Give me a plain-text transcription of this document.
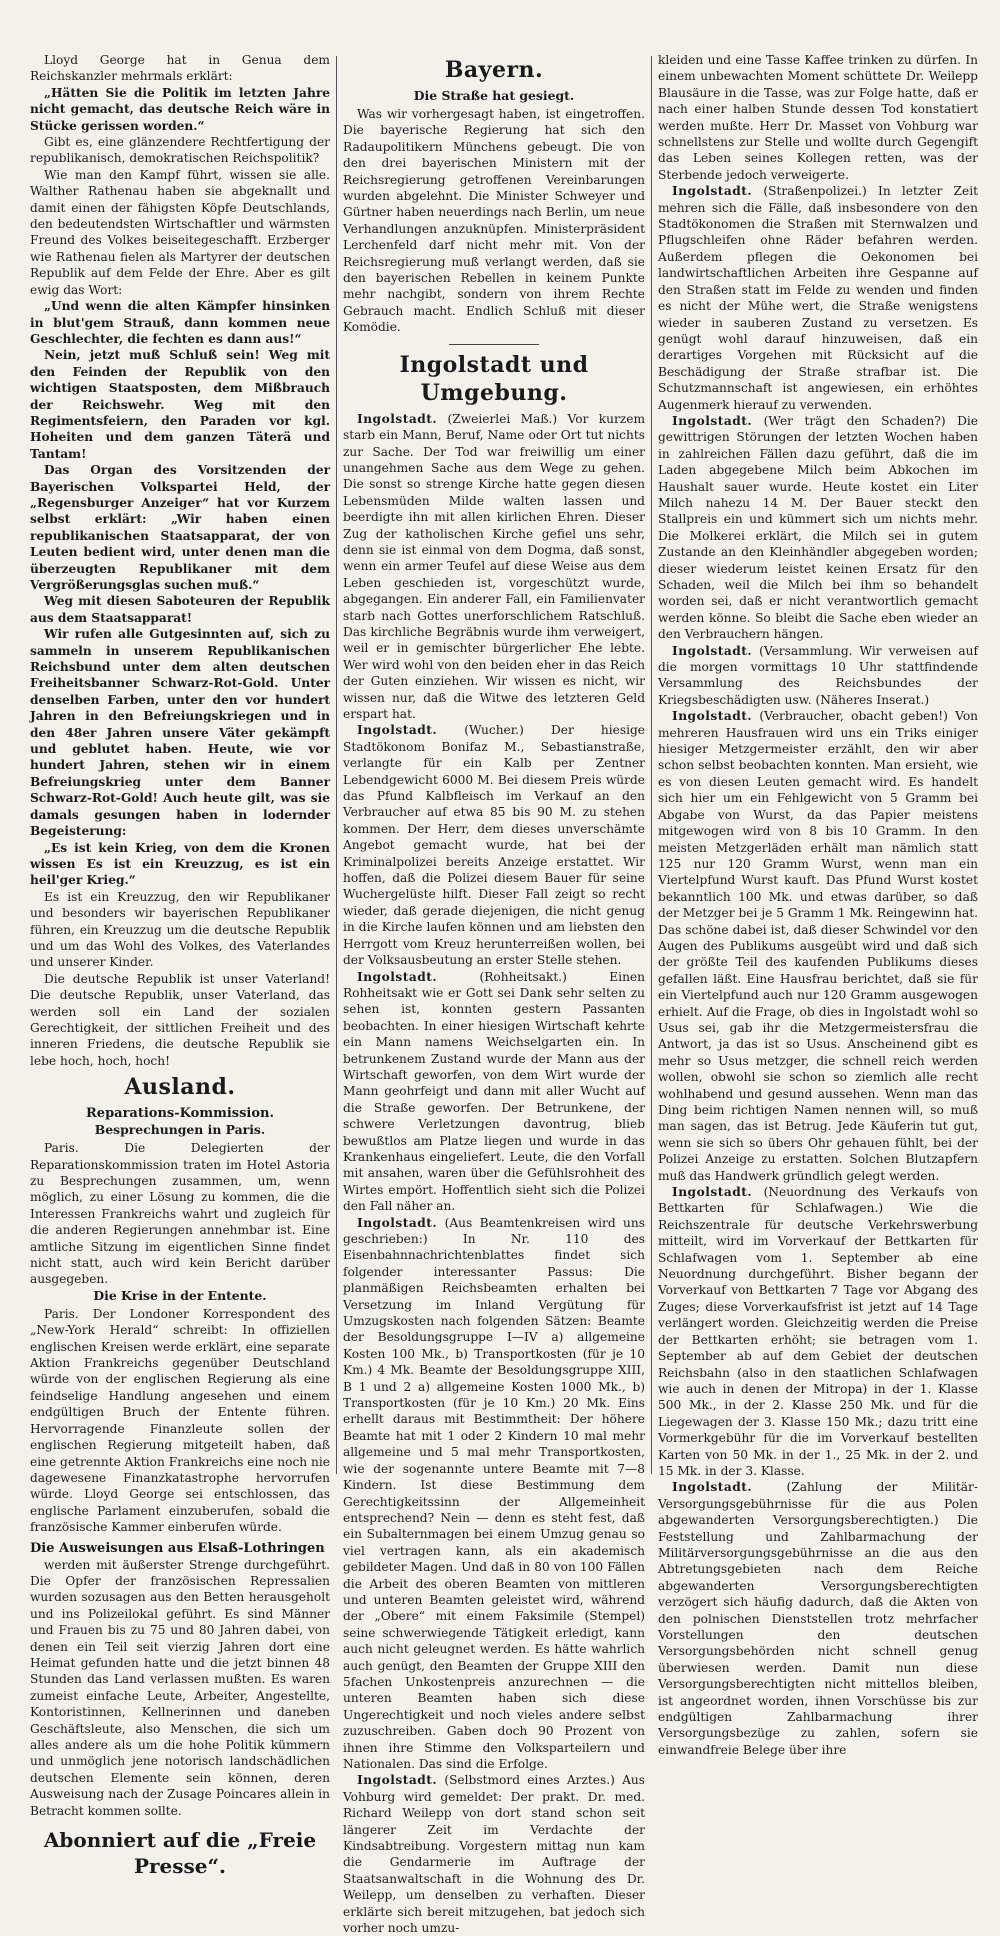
Lloyd George hat in Genua dem Reichskanzler mehrmals erklärt:

„Hätten Sie die Politik im letzten Jahre nicht gemacht, das deutsche Reich wäre in Stücke gerissen worden.“

Gibt es, eine glänzendere Rechtfertigung der republikanisch, demokratischen Reichspolitik?

Wie man den Kampf führt, wissen sie alle. Walther Rathenau haben sie abgeknallt und damit einen der fähigsten Köpfe Deutschlands, den bedeutendsten Wirtschaftler und wärmsten Freund des Volkes beiseitegeschafft. Erzberger wie Rathenau fielen als Martyrer der deutschen Republik auf dem Felde der Ehre. Aber es gilt ewig das Wort:

„Und wenn die alten Kämpfer hinsinken in blut'gem Strauß, dann kommen neue Geschlechter, die fechten es dann aus!“

Nein, jetzt muß Schluß sein! Weg mit den Feinden der Republik von den wichtigen Staatsposten, dem Mißbrauch der Reichswehr. Weg mit den Regimentsfeiern, den Paraden vor kgl. Hoheiten und dem ganzen Täterä und Tantam!

Das Organ des Vorsitzenden der Bayerischen Volkspartei Held, der „Regensburger Anzeiger“ hat vor Kurzem selbst erklärt: „Wir haben einen republikanischen Staatsapparat, der von Leuten bedient wird, unter denen man die überzeugten Republikaner mit dem Vergrößerungsglas suchen muß.“

Weg mit diesen Saboteuren der Republik aus dem Staatsapparat!

Wir rufen alle Gutgesinnten auf, sich zu sammeln in unserem Republikanischen Reichsbund unter dem alten deutschen Freiheitsbanner Schwarz-Rot-Gold. Unter denselben Farben, unter den vor hundert Jahren in den Befreiungskriegen und in den 48er Jahren unsere Väter gekämpft und geblutet haben. Heute, wie vor hundert Jahren, stehen wir in einem Befreiungskrieg unter dem Banner Schwarz-Rot-Gold! Auch heute gilt, was sie damals gesungen haben in lodernder Begeisterung:

„Es ist kein Krieg, von dem die Kronen wissen Es ist ein Kreuzzug, es ist ein heil'ger Krieg.“

Es ist ein Kreuzzug, den wir Republikaner und besonders wir bayerischen Republikaner führen, ein Kreuzzug um die deutsche Republik und um das Wohl des Volkes, des Vaterlandes und unserer Kinder.

Die deutsche Republik ist unser Vaterland! Die deutsche Republik, unser Vaterland, das werden soll ein Land der sozialen Gerechtigkeit, der sittlichen Freiheit und des inneren Friedens, die deutsche Republik sie lebe hoch, hoch, hoch!

Ausland.
Reparations-Kommission.
Besprechungen in Paris.

Paris. Die Delegierten der Reparationskommission traten im Hotel Astoria zu Besprechungen zusammen, um, wenn möglich, zu einer Lösung zu kommen, die die Interessen Frankreichs wahrt und zugleich für die anderen Regierungen annehmbar ist. Eine amtliche Sitzung im eigentlichen Sinne findet nicht statt, auch wird kein Bericht darüber ausgegeben.

Die Krise in der Entente.

Paris. Der Londoner Korrespondent des „New-York Herald“ schreibt: In offiziellen englischen Kreisen werde erklärt, eine separate Aktion Frankreichs gegenüber Deutschland würde von der englischen Regierung als eine feindselige Handlung angesehen und einem endgültigen Bruch der Entente führen. Hervorragende Finanzleute sollen der englischen Regierung mitgeteilt haben, daß eine getrennte Aktion Frankreichs eine noch nie dagewesene Finanzkatastrophe hervorrufen würde. Lloyd George sei entschlossen, das englische Parlament einzuberufen, sobald die französische Kammer einberufen würde.

Die Ausweisungen aus Elsaß-Lothringen

werden mit äußerster Strenge durchgeführt. Die Opfer der französischen Repressalien wurden sozusagen aus den Betten herausgeholt und ins Polizeilokal geführt. Es sind Männer und Frauen bis zu 75 und 80 Jahren dabei, von denen ein Teil seit vierzig Jahren dort eine Heimat gefunden hatte und die jetzt binnen 48 Stunden das Land verlassen mußten. Es waren zumeist einfache Leute, Arbeiter, Angestellte, Kontoristinnen, Kellnerinnen und daneben Geschäftsleute, also Menschen, die sich um alles andere als um die hohe Politik kümmern und unmöglich jene notorisch landschädlichen deutschen Elemente sein können, deren Ausweisung nach der Zusage Poincares allein in Betracht kommen sollte.

Abonniert auf die „Freie Presse“.
Bayern.
Die Straße hat gesiegt.

Was wir vorhergesagt haben, ist eingetroffen. Die bayerische Regierung hat sich den Radaupolitikern Münchens gebeugt. Die von den drei bayerischen Ministern mit der Reichsregierung getroffenen Vereinbarungen wurden abgelehnt. Die Minister Schweyer und Gürtner haben neuerdings nach Berlin, um neue Verhandlungen anzuknüpfen. Ministerpräsident Lerchenfeld darf nicht mehr mit. Von der Reichsregierung muß verlangt werden, daß sie den bayerischen Rebellen in keinem Punkte mehr nachgibt, sondern von ihrem Rechte Gebrauch macht. Endlich Schluß mit dieser Komödie.

Ingolstadt und Umgebung.

Ingolstadt. (Zweierlei Maß.) Vor kurzem starb ein Mann, Beruf, Name oder Ort tut nichts zur Sache. Der Tod war freiwillig um einer unangehmen Sache aus dem Wege zu gehen. Die sonst so strenge Kirche hatte gegen diesen Lebensmüden Milde walten lassen und beerdigte ihn mit allen kirlichen Ehren. Dieser Zug der katholischen Kirche gefiel uns sehr, denn sie ist einmal von dem Dogma, daß sonst, wenn ein armer Teufel auf diese Weise aus dem Leben geschieden ist, vorgeschützt wurde, abgegangen. Ein anderer Fall, ein Familienvater starb nach Gottes unerforschlichem Ratschluß. Das kirchliche Begräbnis wurde ihm verweigert, weil er in gemischter bürgerlicher Ehe lebte. Wer wird wohl von den beiden eher in das Reich der Guten einziehen. Wir wissen es nicht, wir wissen nur, daß die Witwe des letzteren Geld erspart hat.

Ingolstadt. (Wucher.) Der hiesige Stadtökonom Bonifaz M., Sebastianstraße, verlangte für ein Kalb per Zentner Lebendgewicht 6000 M. Bei diesem Preis würde das Pfund Kalbfleisch im Verkauf an den Verbraucher auf etwa 85 bis 90 M. zu stehen kommen. Der Herr, dem dieses unverschämte Angebot gemacht wurde, hat bei der Kriminalpolizei bereits Anzeige erstattet. Wir hoffen, daß die Polizei diesem Bauer für seine Wuchergelüste hilft. Dieser Fall zeigt so recht wieder, daß gerade diejenigen, die nicht genug in die Kirche laufen können und am liebsten den Herrgott vom Kreuz herunterreißen wollen, bei der Volksausbeutung an erster Stelle stehen.

Ingolstadt.	(Rohheitsakt.) Einen Rohheitsakt wie er Gott sei Dank sehr selten zu sehen ist, konnten gestern Passanten beobachten. In einer hiesigen Wirtschaft kehrte ein Mann namens Weichselgarten ein. In betrunkenem Zustand wurde der Mann aus der Wirtschaft geworfen, von dem Wirt wurde der Mann geohrfeigt und dann mit aller Wucht auf die Straße geworfen. Der Betrunkene, der schwere Verletzungen davontrug, blieb bewußtlos am Platze liegen und wurde in das Krankenhaus eingeliefert. Leute, die den Vorfall mit ansahen, waren über die Gefühlsrohheit des Wirtes empört. Hoffentlich sieht sich die Polizei den Fall näher an.

Ingolstadt. (Aus Beamtenkreisen wird uns geschrieben:) In Nr. 110 des Eisenbahnnachrichtenblattes findet sich folgender interessanter Passus: Die planmäßigen Reichsbeamten erhalten bei Versetzung im Inland Vergütung für Umzugskosten nach folgenden Sätzen: Beamte der Besoldungsgruppe I—IV a) allgemeine Kosten 100 Mk., b) Transportkosten (für je 10 Km.) 4 Mk. Beamte der Besoldungsgruppe XIII, B 1 und 2 a) allgemeine Kosten 1000 Mk., b) Transportkosten (für je 10 Km.) 20 Mk. Eins erhellt daraus mit Bestimmtheit: Der höhere Beamte hat mit 1 oder 2 Kindern 10 mal mehr allgemeine und 5 mal mehr Transportkosten, wie der sogenannte untere Beamte mit 7—8 Kindern. Ist diese Bestimmung dem Gerechtigkeitssinn der Allgemeinheit entsprechend? Nein — denn es steht fest, daß ein Subalternmagen bei einem Umzug genau so viel vertragen kann, als ein akademisch gebildeter Magen. Und daß in 80 von 100 Fällen die Arbeit des oberen Beamten von mittleren und unteren Beamten geleistet wird, während der „Obere“ mit einem Faksimile (Stempel) seine schwerwiegende Tätigkeit erledigt, kann auch nicht geleugnet werden. Es hätte wahrlich auch genügt, den Beamten der Gruppe XIII den 5fachen Unkostenpreis anzurechnen — die unteren Beamten haben sich diese Ungerechtigkeit und noch vieles andere selbst zuzuschreiben. Gaben doch 90 Prozent von ihnen ihre Stimme den Volksparteilern und Nationalen. Das sind die Erfolge.

Ingolstadt. (Selbstmord eines Arztes.) Aus Vohburg wird gemeldet: Der prakt. Dr. med. Richard Weilepp von dort stand schon seit längerer Zeit im Verdachte der Kindsabtreibung. Vorgestern mittag nun kam die Gendarmerie im Auftrage der Staatsanwaltschaft in die Wohnung des Dr. Weilepp, um denselben zu verhaften. Dieser erklärte sich bereit mitzugehen, bat jedoch sich vorher noch umzu-

kleiden und eine Tasse Kaffee trinken zu dürfen. In einem unbewachten Moment schüttete Dr. Weilepp Blausäure in die Tasse, was zur Folge hatte, daß er nach einer halben Stunde dessen Tod konstatiert werden mußte. Herr Dr. Masset von Vohburg war schnellstens zur Stelle und wollte durch Gegengift das Leben seines Kollegen retten, was der Sterbende jedoch verweigerte.

Ingolstadt. (Straßenpolizei.) In letzter Zeit mehren sich die Fälle, daß insbesondere von den Stadtökonomen die Straßen mit Sternwalzen und Pflugschleifen ohne Räder befahren werden. Außerdem pflegen die Oekonomen bei landwirtschaftlichen Arbeiten ihre Gespanne auf den Straßen statt im Felde zu wenden und finden es nicht der Mühe wert, die Straße wenigstens wieder in sauberen Zustand zu versetzen. Es genügt wohl darauf hinzuweisen, daß ein derartiges Vorgehen mit Rücksicht auf die Beschädigung der Straße strafbar ist. Die Schutzmannschaft ist angewiesen, ein erhöhtes Augenmerk hierauf zu verwenden.

Ingolstadt. (Wer trägt den Schaden?) Die gewittrigen Störungen der letzten Wochen haben in zahlreichen Fällen dazu geführt, daß die im Laden abgegebene Milch beim Abkochen im Haushalt sauer wurde. Heute kostet ein Liter Milch nahezu 14 M. Der Bauer steckt den Stallpreis ein und kümmert sich um nichts mehr. Die Molkerei erklärt, die Milch sei in gutem Zustande an den Kleinhändler abgegeben worden; dieser wiederum leistet keinen Ersatz für den Schaden, weil die Milch bei ihm so behandelt worden sei, daß er nicht verantwortlich gemacht werden könne. So bleibt die Sache eben wieder an den Verbrauchern hängen.

Ingolstadt. (Versammlung. Wir verweisen auf die morgen vormittags 10 Uhr stattfindende Versammlung des Reichsbundes der Kriegsbeschädigten usw. (Näheres Inserat.)

Ingolstadt. (Verbraucher, obacht geben!) Von mehreren Hausfrauen wird uns ein Triks einiger hiesiger Metzgermeister erzählt, den wir aber schon selbst beobachten konnten. Man ersieht, wie es von diesen Leuten gemacht wird. Es handelt sich hier um ein Fehlgewicht von 5 Gramm bei Abgabe von Wurst, da das Papier meistens mitgewogen wird von 8 bis 10 Gramm. In den meisten Metzgerläden erhält man nämlich statt 125 nur 120 Gramm Wurst, wenn man ein Viertelpfund Wurst kauft. Das Pfund Wurst kostet bekanntlich 100 Mk. und etwas darüber, so daß der Metzger bei je 5 Gramm 1 Mk. Reingewinn hat. Das schöne dabei ist, daß dieser Schwindel vor den Augen des Publikums ausgeübt wird und daß sich der größte Teil des kaufenden Publikums dieses gefallen läßt. Eine Hausfrau berichtet, daß sie für ein Viertelpfund auch nur 120 Gramm ausgewogen erhielt. Auf die Frage, ob dies in Ingolstadt wohl so Usus sei, gab ihr die Metzgermeistersfrau die Antwort, ja das ist so Usus. Anscheinend gibt es mehr so Usus metzger, die schnell reich werden wollen, obwohl sie schon so ziemlich alle recht wohlhabend und gesund aussehen. Wenn man das Ding beim richtigen Namen nennen will, so muß man sagen, das ist Betrug. Jede Käuferin tut gut, wenn sie sich so übers Ohr gehauen fühlt, bei der Polizei Anzeige zu erstatten. Solchen Blutzapfern muß das Handwerk gründlich gelegt werden.

Ingolstadt. (Neuordnung des Verkaufs von Bettkarten für Schlafwagen.) Wie die Reichszentrale für deutsche Verkehrswerbung mitteilt, wird im Vorverkauf der Bettkarten für Schlafwagen vom 1. September ab eine Neuordnung durchgeführt. Bisher begann der Vorverkauf von Bettkarten 7 Tage vor Abgang des Zuges; diese Vorverkaufsfrist ist jetzt auf 14 Tage verlängert worden. Gleichzeitig werden die Preise der Bettkarten erhöht; sie betragen vom 1. September ab auf dem Gebiet der deutschen Reichsbahn (also in den staatlichen Schlafwagen wie auch in denen der Mitropa) in der 1. Klasse 500 Mk., in der 2. Klasse 250 Mk. und für die Liegewagen der 3. Klasse 150 Mk.; dazu tritt eine Vormerkgebühr für die im Vorverkauf bestellten Karten von 50 Mk. in der 1., 25 Mk. in der 2. und 15 Mk. in der 3. Klasse.

Ingolstadt.	(Zahlung der Militär-Versorgungsgebührnisse für die aus Polen abgewanderten Versorgungsberechtigten.) Die Feststellung und Zahlbarmachung der Militärversorgungsgebührnisse an die aus den Abtretungsgebieten nach dem Reiche abgewanderten Versorgungsberechtigten verzögert sich häufig dadurch, daß die Akten von den polnischen Dienststellen trotz mehrfacher Vorstellungen den deutschen Versorgungsbehörden nicht schnell genug überwiesen werden. Damit nun diese Versorgungsberechtigten nicht mittellos bleiben, ist angeordnet worden, ihnen Vorschüsse bis zur endgültigen Zahlbarmachung ihrer Versorgungsbezüge zu zahlen, sofern sie einwandfreie Belege über ihre
